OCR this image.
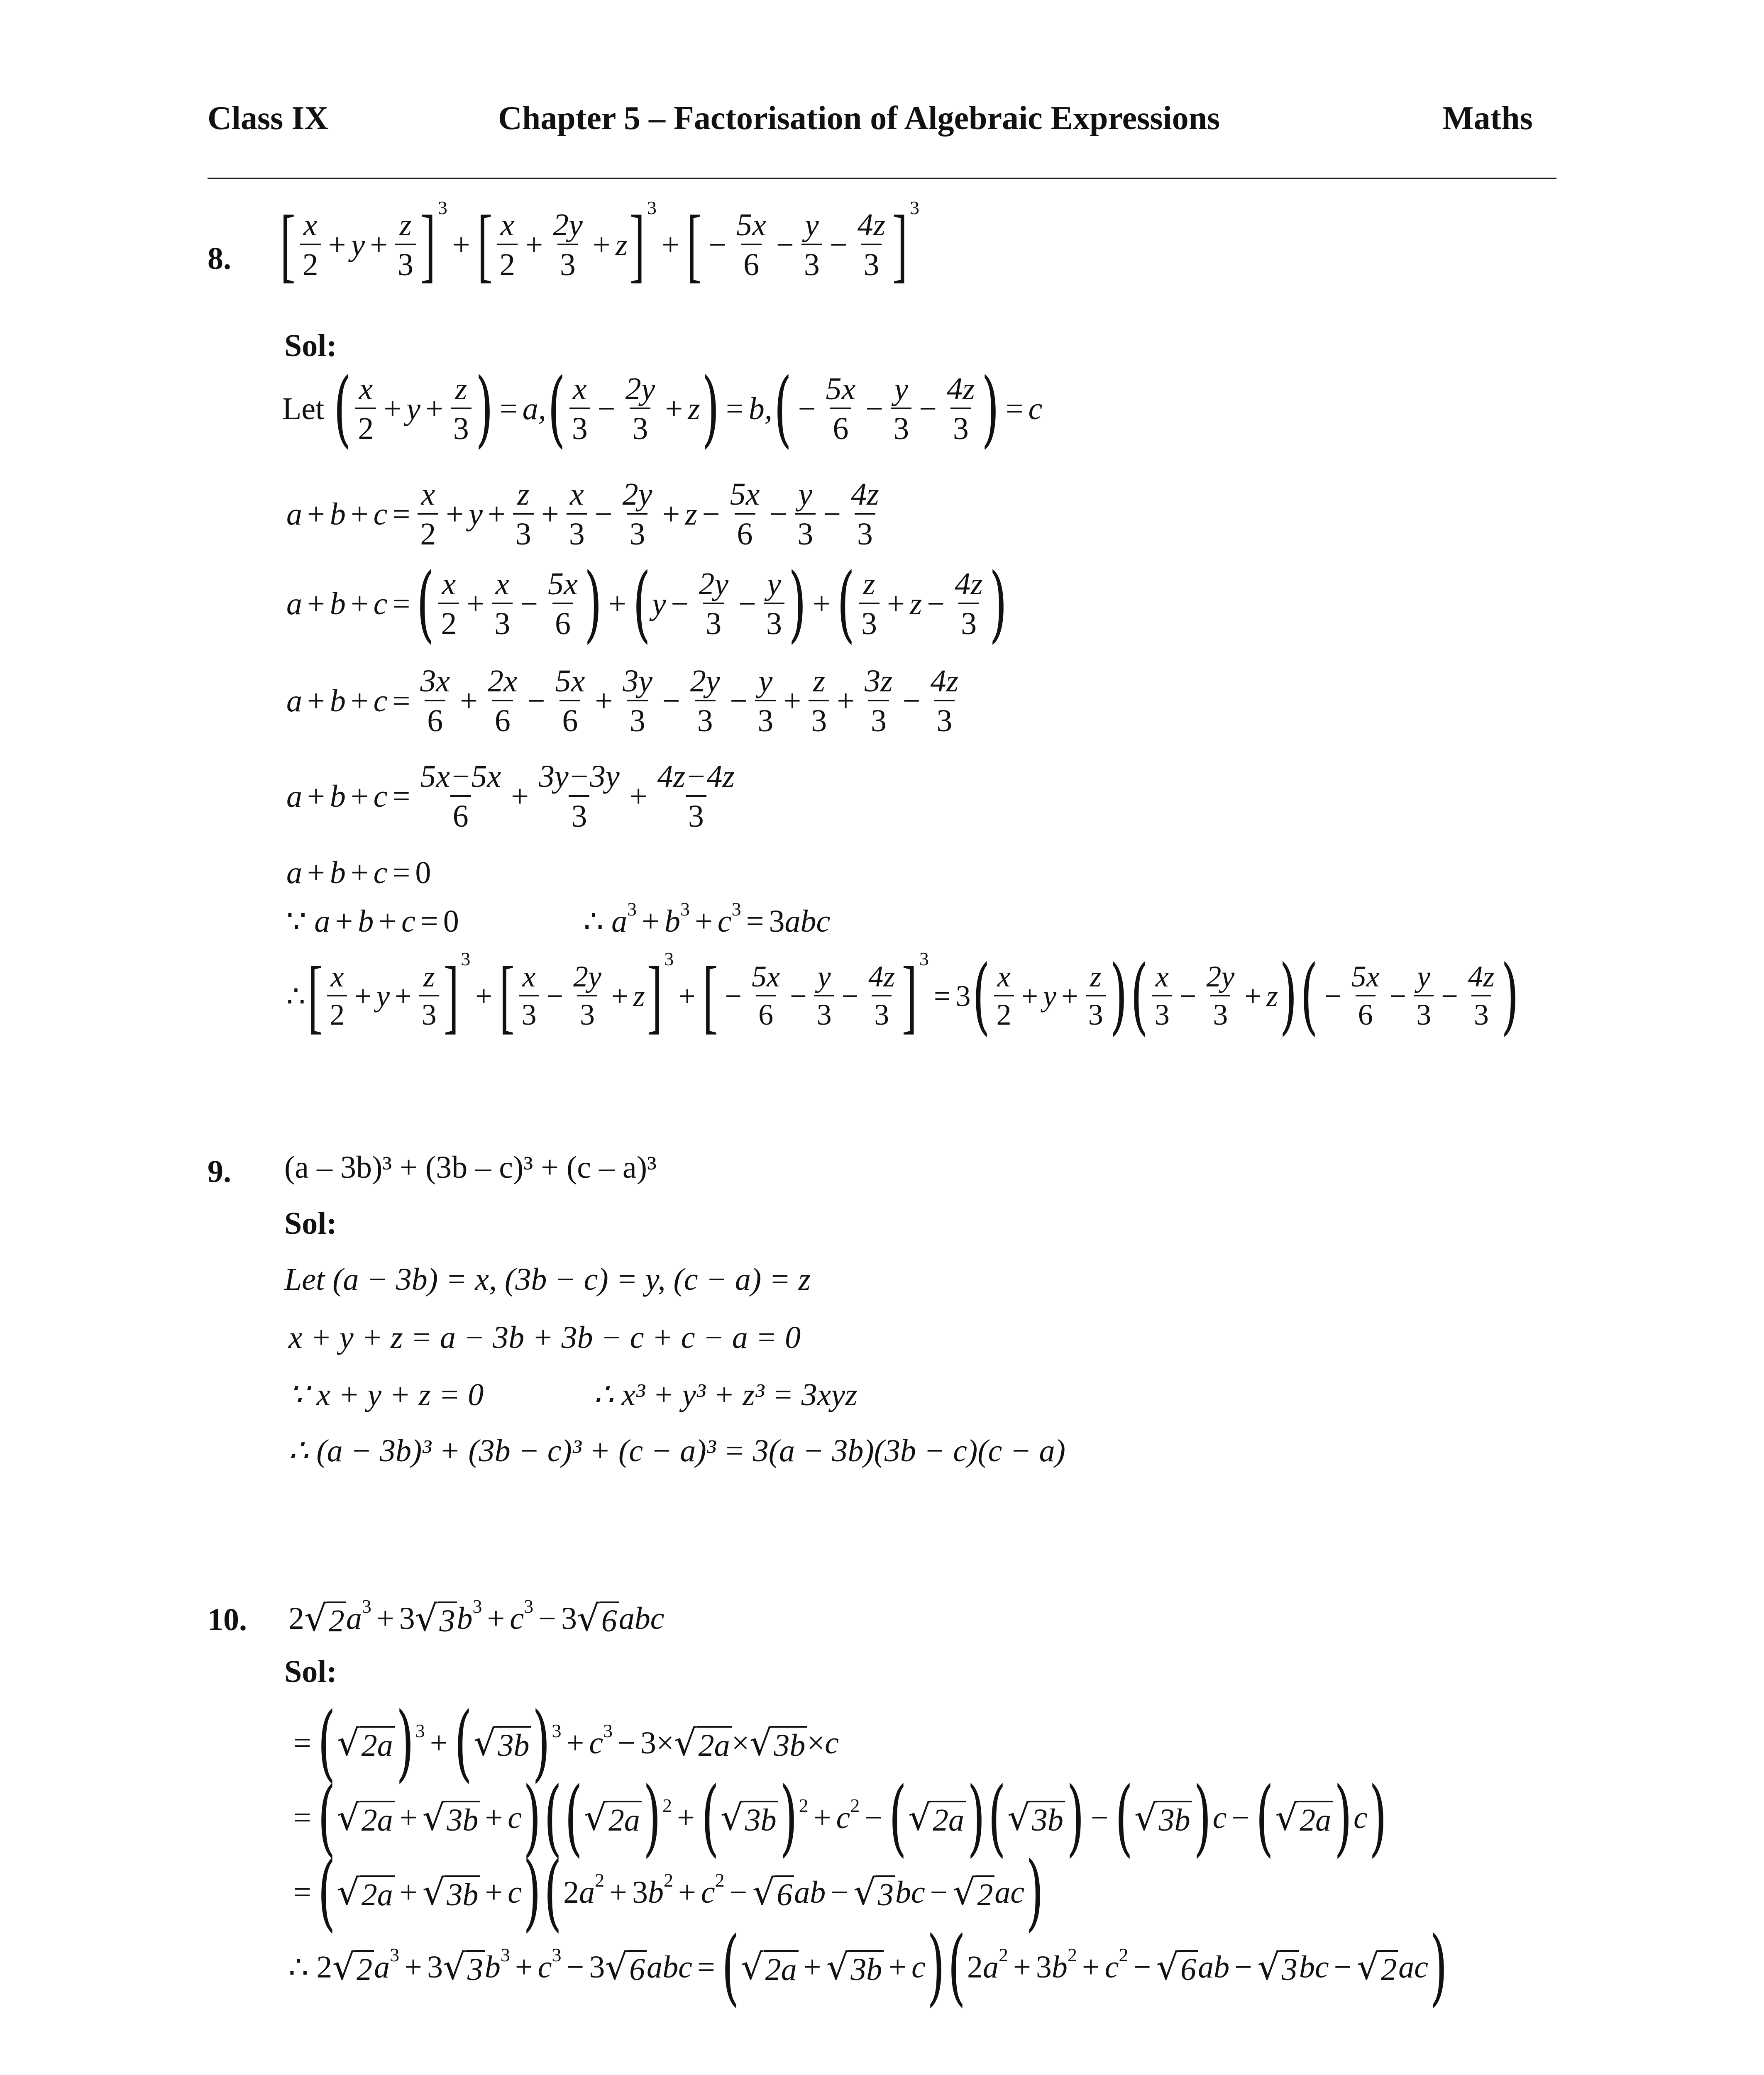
Class IX	Chapter 5 – Factorisation of Algebraic Expressions	Maths
8. [ $\frac{x}{2} + y + \frac{z}{3}$ ] 3
+ [ $\frac{x}{2} + \frac{2y}{3} + z$ ] 3
+ [ − $\frac{5x}{6} - \frac{y}{3} - \frac{4z}{3}$ ] 3
Sol:
Let
( $\frac{x}{2} + y + \frac{z}{3}$ ) = a, ( $\frac{x}{3} - \frac{2y}{3} + z$ ) = b, ( − $\frac{5x}{6} - \frac{y}{3} - \frac{4z}{3}$ ) = c
$a + b + c = \frac{x}{2} + y + \frac{z}{3} + \frac{x}{3} - \frac{2y}{3} + z - \frac{5x}{6} - \frac{y}{3} - \frac{4z}{3}$
a + b + c = ( $\frac{x}{2} + \frac{x}{3} - \frac{5x}{6}$ ) + ( $y - \frac{2y}{3} - \frac{y}{3}$ ) + ( $\frac{z}{3} + z - \frac{4z}{3}$ )
$a + b + c = \frac{3x}{6} + \frac{2x}{6} - \frac{5x}{6} + \frac{3y}{3} - \frac{2y}{3} - \frac{y}{3} + \frac{z}{3} + \frac{3z}{3} - \frac{4z}{3}$
$a + b + c = \frac{5x-5x}{6} + \frac{3y-3y}{3} + \frac{4z-4z}{3}$
a + b + c = 0
∵
a + b + c = 0	∴
a 3 + b 3 + c 3 = 3 abc
∴ [ $\frac{x}{2} + y + \frac{z}{3}$ ] 3
+ [ $\frac{x}{3} - \frac{2y}{3} + z$ ] 3
+ [ − $\frac{5x}{6} - \frac{y}{3} - \frac{4z}{3}$ ] 3
= 3 ( $\frac{x}{2} + y + \frac{z}{3}$ ) ( $\frac{x}{3} - \frac{2y}{3} + z$ ) ( − $\frac{5x}{6} - \frac{y}{3} - \frac{4z}{3}$ )
9. (a – 3b)³ + (3b – c)³ + (c – a)³
Sol:
Let (a − 3b) = x, (3b − c) = y, (c − a) = z
x + y + z = a − 3b + 3b − c + c − a = 0
∵ x + y + z = 0	∴ x³ + y³ + z³ = 3xyz
∴ (a − 3b)³ + (3b − c)³ + (c − a)³ = 3(a − 3b)(3b − c)(c − a)
10. 2 √ 2 a 3 + 3 √ 3 b 3 + c 3 − 3 √ 6 abc
Sol:
= ( √ 2a ) 3 + ( √ 3b ) 3 + c 3 − 3× √ 2a × √ 3b × c
= ( √ 2a + √ 3b + c ) ( ( √ 2a ) 2 + ( √ 3b ) 2 + c 2 − ( √ 2a ) ( √ 3b ) − ( √ 3b ) c − ( √ 2a ) c )
= ( √ 2a + √ 3b + c ) ( 2 a 2 + 3 b 2 + c 2 − √ 6 ab − √ 3 bc − √ 2 ac )
∴
2 √ 2 a 3 + 3 √ 3 b 3 + c 3 − 3 √ 6 abc = ( √ 2a + √ 3b + c ) ( 2 a 2 + 3 b 2 + c 2 − √ 6 ab − √ 3 bc − √ 2 ac )
